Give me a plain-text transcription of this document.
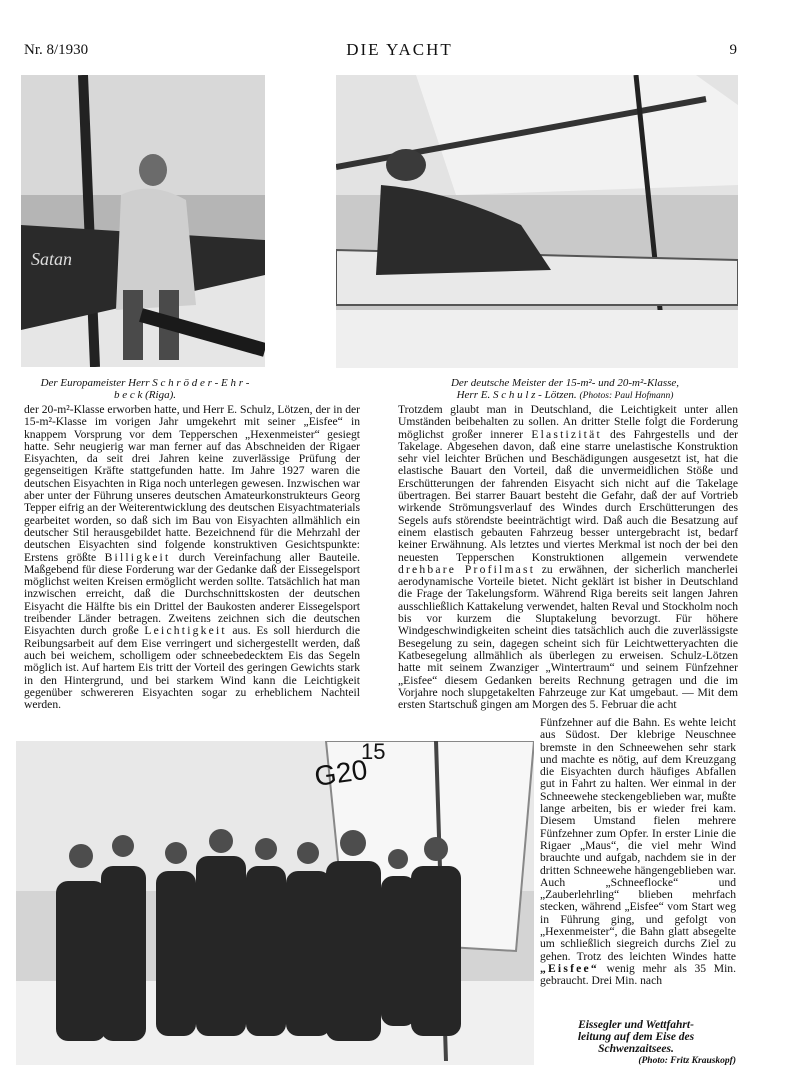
Nr. 8/1930	DIE YACHT	9
Satan
Der Europameister Herr S c h r ö d e r - E h r -
b e c k (Riga).
Der deutsche Meister der 15-m²- und 20-m²-Klasse,
Herr E. S c h u l z - Lötzen. (Photos: Paul Hofmann)

der 20-m²-Klasse erworben hatte, und Herr E. Schulz, Lötzen, der in der 15-m²-Klasse im vorigen Jahr umgekehrt mit seiner „Eisfee“ in knappem Vorsprung vor dem Tepperschen „Hexenmeister“ gesiegt hatte. Sehr neugierig war man ferner auf das Abschneiden der Rigaer Eisyachten, da seit drei Jahren keine zuverlässige Prüfung der gegenseitigen Kräfte stattgefunden hatte. Im Jahre 1927 waren die deutschen Eisyachten in Riga noch unterlegen gewesen. Inzwischen war aber unter der Führung unseres deutschen Amateurkonstrukteurs Georg Tepper eifrig an der Weiterentwicklung des deutschen Eisyachtmaterials gearbeitet worden, so daß sich im Bau von Eisyachten allmählich ein deutscher Stil herausgebildet hatte. Bezeichnend für die Mehrzahl der deutschen Eisyachten sind folgende konstruktiven Gesichtspunkte: Erstens größte Billigkeit durch Vereinfachung aller Bauteile. Maßgebend für diese Forderung war der Gedanke daß der Eissegelsport möglichst weiten Kreisen ermöglicht werden sollte. Tatsächlich hat man inzwischen erreicht, daß die Durchschnittskosten der deutschen Eisyacht die Hälfte bis ein Drittel der Baukosten anderer Eissegelsport treibender Länder betragen. Zweitens zeichnen sich die deutschen Eisyachten durch große Leichtigkeit aus. Es soll hierdurch die Reibungsarbeit auf dem Eise verringert und sichergestellt werden, daß auch bei weichem, scholligem oder schneebedecktem Eis das Segeln möglich ist. Auf hartem Eis tritt der Vorteil des geringen Gewichts stark in den Hintergrund, und bei starkem Wind kann die Leichtigkeit gegenüber schwereren Eisyachten sogar zu erheblichem Nachteil werden.

Trotzdem glaubt man in Deutschland, die Leichtigkeit unter allen Umständen beibehalten zu sollen. An dritter Stelle folgt die Forderung möglichst großer innerer Elastizität des Fahrgestells und der Takelage. Abgesehen davon, daß eine starre unelastische Konstruktion sehr viel leichter Brüchen und Beschädigungen ausgesetzt ist, hat die elastische Bauart den Vorteil, daß die unvermeidlichen Stöße und Erschütterungen der fahrenden Eisyacht sich nicht auf die Takelage übertragen. Bei starrer Bauart besteht die Gefahr, daß der auf Vortrieb wirkende Strömungsverlauf des Windes durch Erschütterungen des Segels aufs störendste beeinträchtigt wird. Daß auch die Besatzung auf einem elastisch gebauten Fahrzeug besser untergebracht ist, bedarf keiner Erwähnung. Als letztes und viertes Merkmal ist noch der bei den neuesten Tepperschen Konstruktionen allgemein verwendete drehbare Profilmast zu erwähnen, der sicherlich mancherlei aerodynamische Vorteile bietet. Nicht geklärt ist bisher in Deutschland die Frage der Takelungsform. Während Riga bereits seit langen Jahren ausschließlich Kattakelung verwendet, halten Reval und Stockholm noch bis vor kurzem die Sluptakelung bevorzugt. Für höhere Windgeschwindigkeiten scheint dies tatsächlich auch die zuverlässigste Besegelung zu sein, dagegen scheint sich für Leichtwetteryachten die Katbesegelung allmählich als überlegen zu erweisen. Schulz-Lötzen hatte mit seinem Zwanziger „Wintertraum“ und seinem Fünfzehner „Eisfee“ diesem Gedanken bereits Rechnung getragen und die im Vorjahre noch slupgetakelten Fahrzeuge zur Kat umgebaut. — Mit dem ersten Startschuß gingen am Morgen des 5. Februar die acht

G20
15

Fünfzehner auf die Bahn. Es wehte leicht aus Südost. Der klebrige Neuschnee bremste in den Schneewehen sehr stark und machte es nötig, auf dem Kreuzgang die Eisyachten durch häufiges Abfallen gut in Fahrt zu halten. Wer einmal in der Schneewehe steckengeblieben war, mußte lange arbeiten, bis er wieder frei kam. Diesem Umstand fielen mehrere Fünfzehner zum Opfer. In erster Linie die Rigaer „Maus“, die viel mehr Wind brauchte und aufgab, nachdem sie in der dritten Schneewehe hängengeblieben war. Auch „Schneeflocke“ und „Zauberlehrling“ blieben mehrfach stecken, während „Eisfee“ vom Start weg in Führung ging, und gefolgt von „Hexenmeister“, die Bahn glatt absegelte um schließlich siegreich durchs Ziel zu gehen. Trotz des leichten Windes hatte „Eisfee“ wenig mehr als 35 Min. gebraucht. Drei Min. nach

Eissegler und Wettfahrt-
leitung auf dem Eise des
Schwenzaitsees.
(Photo: Fritz Krauskopf)
